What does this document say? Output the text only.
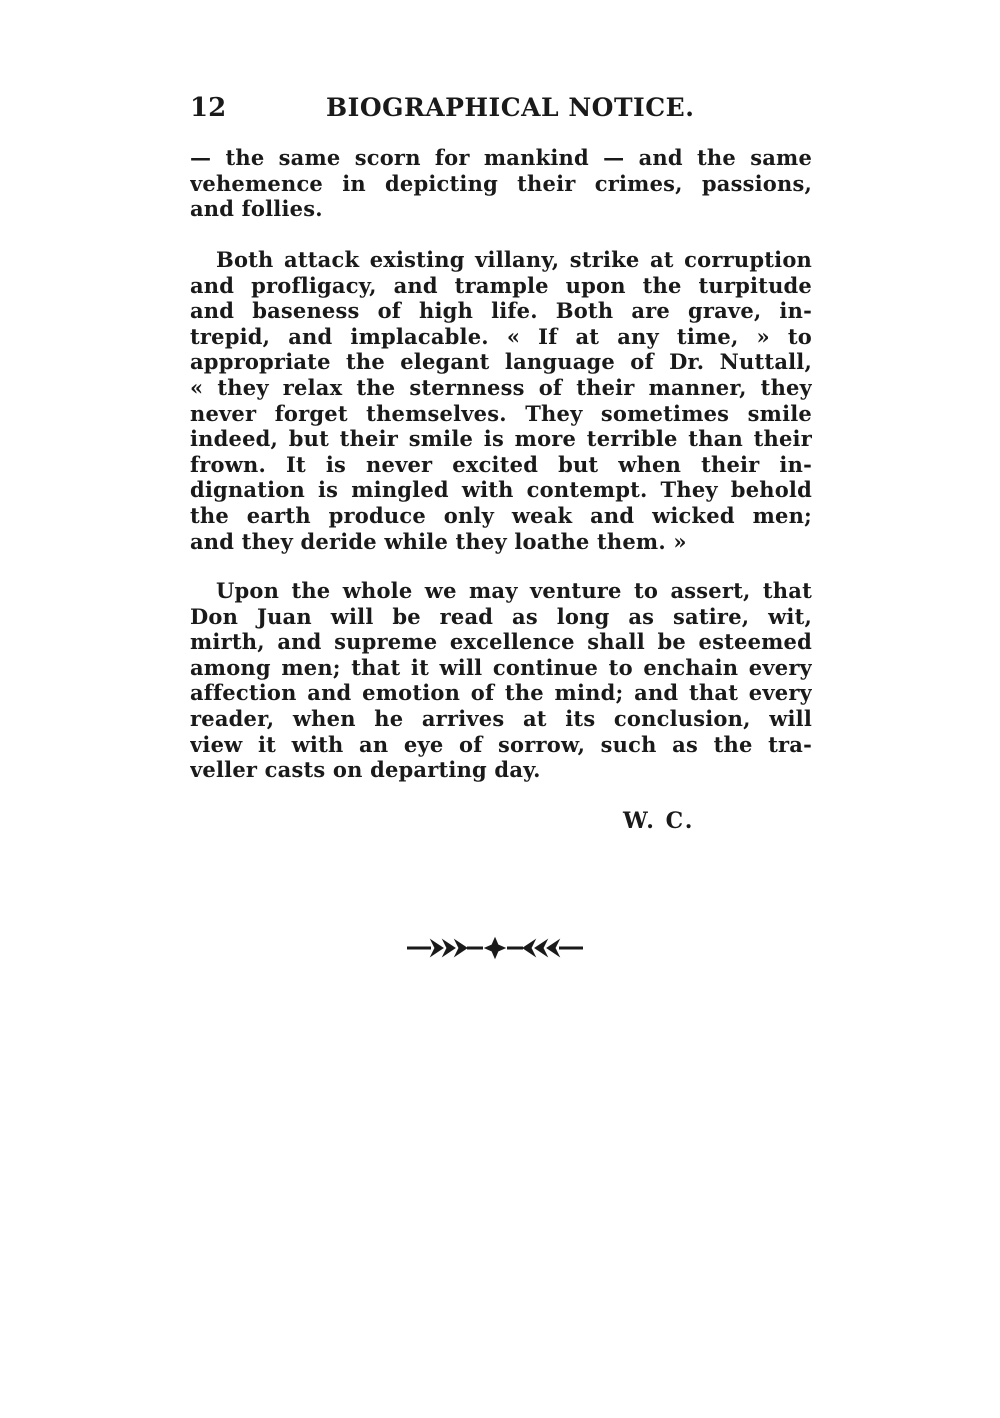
12	BIOGRAPHICAL NOTICE.

— the same scorn for mankind — and the same
vehemence in depicting their crimes, passions,
and follies.

Both attack existing villany, strike at corruption
and profligacy, and trample upon the turpitude
and baseness of high life. Both are grave, in-
trepid, and implacable. « If at any time, » to
appropriate the elegant language of Dr. Nuttall,
« they relax the sternness of their manner, they
never forget themselves. They sometimes smile
indeed, but their smile is more terrible than their
frown. It is never excited but when their in-
dignation is mingled with contempt. They behold
the earth produce only weak and wicked men;
and they deride while they loathe them. »

Upon the whole we may venture to assert, that
Don Juan will be read as long as satire, wit,
mirth, and supreme excellence shall be esteemed
among men; that it will continue to enchain every
affection and emotion of the mind; and that every
reader, when he arrives at its conclusion, will
view it with an eye of sorrow, such as the tra-
veller casts on departing day.

W. C.
